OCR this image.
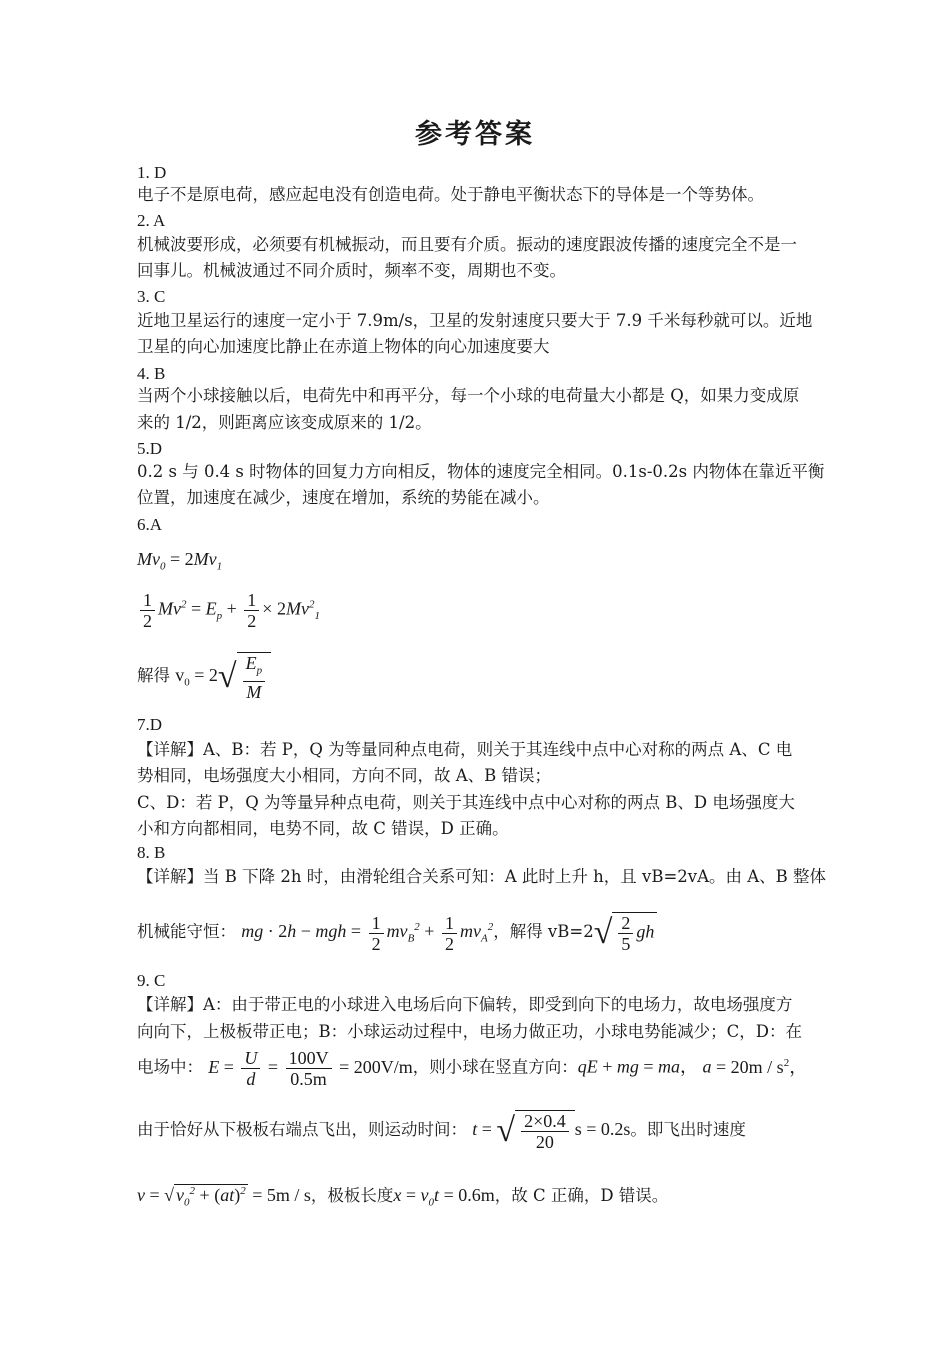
参考答案
1. D
电子不是原电荷，感应起电没有创造电荷。处于静电平衡状态下的导体是一个等势体。
2. A
机械波要形成，必须要有机械振动，而且要有介质。振动的速度跟波传播的速度完全不是一
回事儿。机械波通过不同介质时，频率不变，周期也不变。
3. C
近地卫星运行的速度一定小于 7.9m/s，卫星的发射速度只要大于 7.9 千米每秒就可以。近地
卫星的向心加速度比静止在赤道上物体的向心加速度要大
4. B
当两个小球接触以后，电荷先中和再平分，每一个小球的电荷量大小都是 Q，如果力变成原
来的 1/2，则距离应该变成原来的 1/2。
5.D
0.2 s 与 0.4 s 时物体的回复力方向相反，物体的速度完全相同。0.1s-0.2s 内物体在靠近平衡
位置，加速度在减少，速度在增加，系统的势能在减小。
6.A
$Mv_0 = 2Mv_1$
$\frac{1}{2} Mv^2 = E_p + \frac{1}{2} \times 2Mv^2_1$
解得 $v_0 = 2√ \frac{E_p}{M}$
7.D
【详解】A、B：若 P，Q 为等量同种点电荷，则关于其连线中点中心对称的两点 A、C 电
势相同，电场强度大小相同，方向不同，故 A、B 错误；
C、D：若 P，Q 为等量异种点电荷，则关于其连线中点中心对称的两点 B、D 电场强度大
小和方向都相同，电势不同，故 C 错误，D 正确。
8. B
【详解】当 B 下降 2h 时，由滑轮组合关系可知：A 此时上升 h，且 vB=2vA。由 A、B 整体
机械能守恒： mg · 2h − mgh = $\frac{1}{2} mv_B^2 + \frac{1}{2} mv_A^2$，解得 $vB=2√ \frac{2}{5}$ gh
9. C
【详解】A：由于带正电的小球进入电场后向下偏转，即受到向下的电场力，故电场强度方
向向下，上极板带正电；B：小球运动过程中，电场力做正功，小球电势能减少；C，D：在
电场中： $E = \frac{U}{d} = \frac{100V}{0.5m} = 200V/m$，则小球在竖直方向：qE + mg = ma， $a = 20m / s^2$，
由于恰好从下极板右端点飞出，则运动时间： t = √ $\frac{2\times 0.4}{20}$ s = 0.2s。即飞出时速度
v = √ $v_0^2 + (at)^2 = 5m / s$，极板长度$x = v_0t = 0.6m$，故 C 正确，D 错误。
